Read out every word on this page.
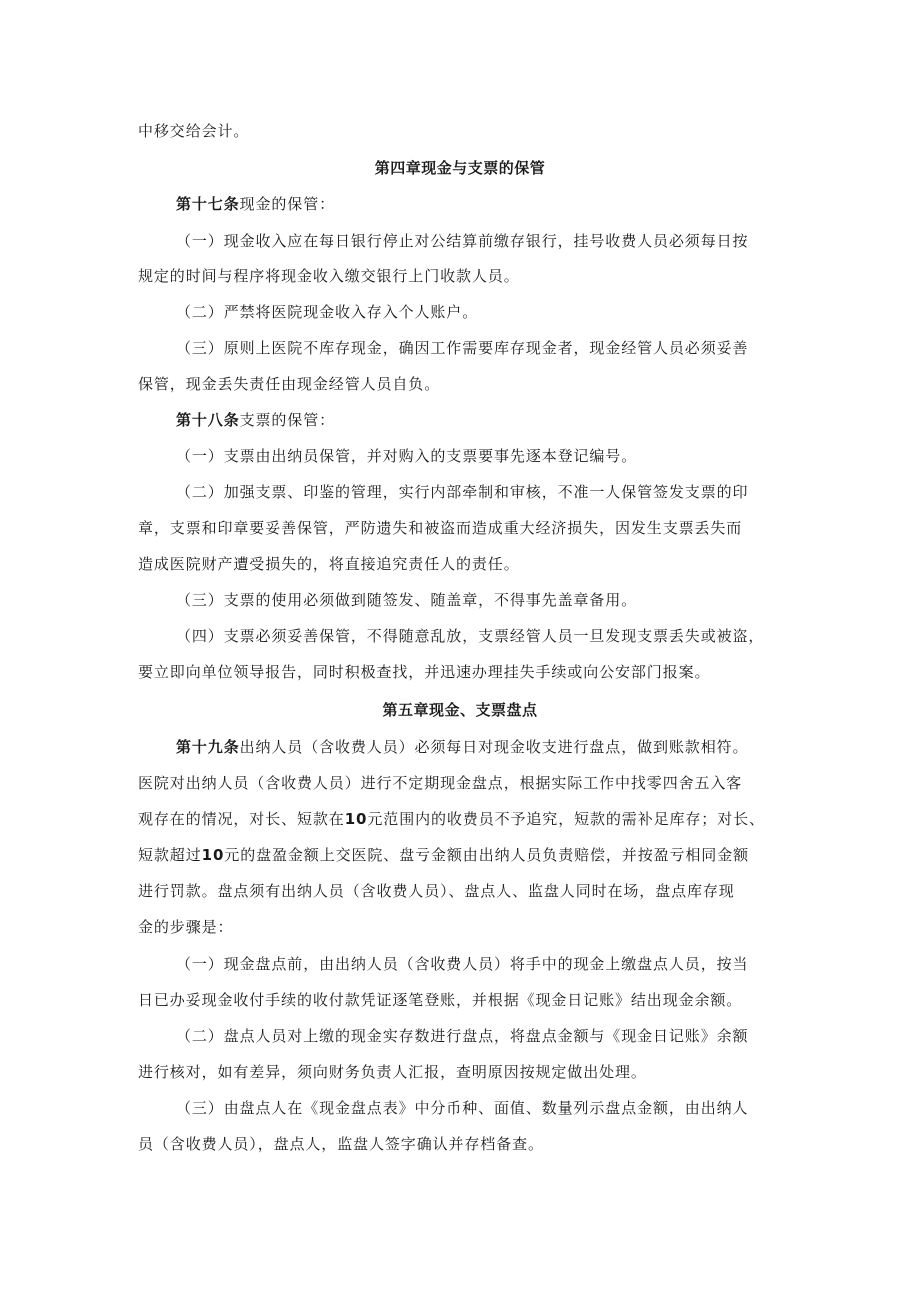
中移交给会计。
第四章现金与支票的保管
第十七条现金的保管：
（一）现金收入应在每日银行停止对公结算前缴存银行，挂号收费人员必须每日按
规定的时间与程序将现金收入缴交银行上门收款人员。
（二）严禁将医院现金收入存入个人账户。
（三）原则上医院不库存现金，确因工作需要库存现金者，现金经管人员必须妥善
保管，现金丢失责任由现金经管人员自负。
第十八条支票的保管：
（一）支票由出纳员保管，并对购入的支票要事先逐本登记编号。
（二）加强支票、印鉴的管理，实行内部牵制和审核，不准一人保管签发支票的印
章，支票和印章要妥善保管，严防遗失和被盗而造成重大经济损失，因发生支票丢失而
造成医院财产遭受损失的，将直接追究责任人的责任。
（三）支票的使用必须做到随签发、随盖章，不得事先盖章备用。
（四）支票必须妥善保管，不得随意乱放，支票经管人员一旦发现支票丢失或被盗，
要立即向单位领导报告，同时积极查找，并迅速办理挂失手续或向公安部门报案。
第五章现金、支票盘点
第十九条出纳人员（含收费人员）必须每日对现金收支进行盘点，做到账款相符。
医院对出纳人员（含收费人员）进行不定期现金盘点，根据实际工作中找零四舍五入客
观存在的情况，对长、短款在10元范围内的收费员不予追究，短款的需补足库存；对长、
短款超过10元的盘盈金额上交医院、盘亏金额由出纳人员负责赔偿，并按盈亏相同金额
进行罚款。盘点须有出纳人员（含收费人员）、盘点人、监盘人同时在场，盘点库存现
金的步骤是：
（一）现金盘点前，由出纳人员（含收费人员）将手中的现金上缴盘点人员，按当
日已办妥现金收付手续的收付款凭证逐笔登账，并根据《现金日记账》结出现金余额。
（二）盘点人员对上缴的现金实存数进行盘点，将盘点金额与《现金日记账》余额
进行核对，如有差异，须向财务负责人汇报，查明原因按规定做出处理。
（三）由盘点人在《现金盘点表》中分币种、面值、数量列示盘点金额，由出纳人
员（含收费人员），盘点人，监盘人签字确认并存档备查。
